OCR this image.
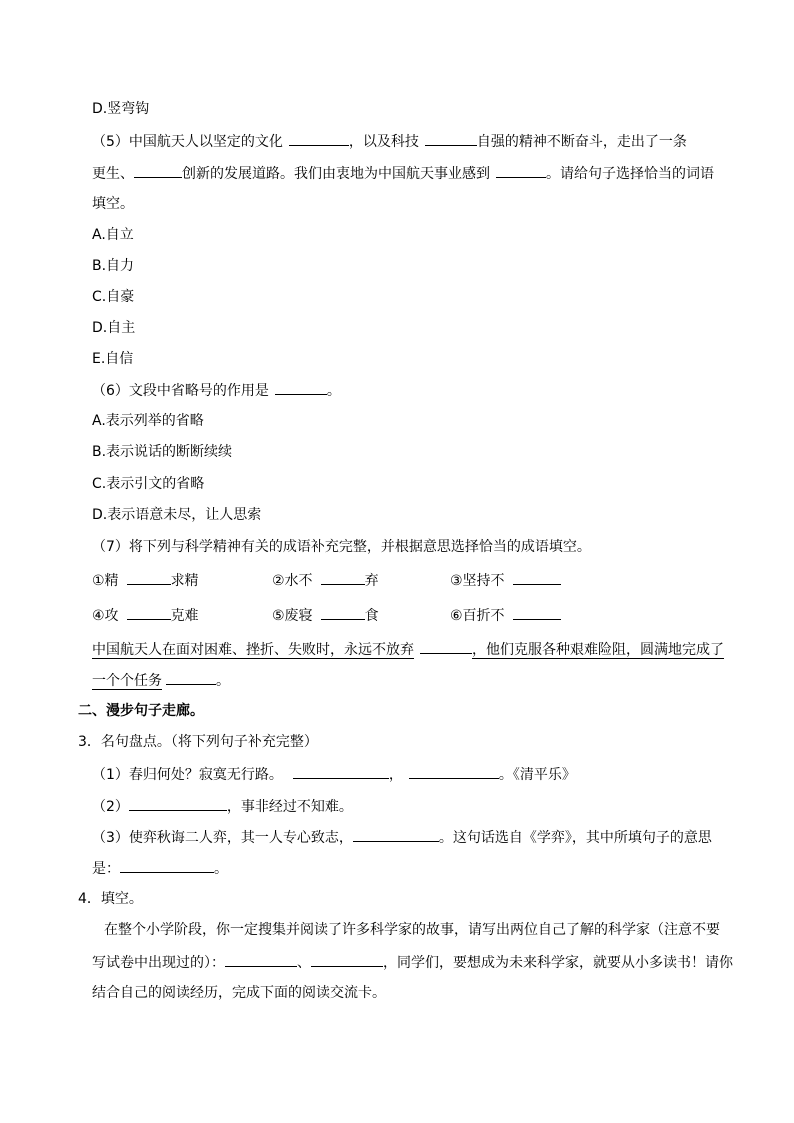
D.竖弯钩
（5）中国航天人以坚定的文化	，以及科技	自强的精神不断奋斗，走出了一条
更生、	创新的发展道路。我们由衷地为中国航天事业感到	。请给句子选择恰当的词语
填空。
A.自立
B.自力
C.自豪
D.自主
E.自信
（6）文段中省略号的作用是	。
A.表示列举的省略
B.表示说话的断断续续
C.表示引文的省略
D.表示语意未尽，让人思索
（7）将下列与科学精神有关的成语补充完整，并根据意思选择恰当的成语填空。
①精	求精	②水不	弃	③坚持不
④攻	克难	⑤废寝	食	⑥百折不
中国航天人在面对困难、挫折、失败时，永远不放弃	，他们克服各种艰难险阻，圆满地完成了
一个个任务	。
二、漫步句子走廊。
3．名句盘点。（将下列句子补充完整）
（1）春归何处？寂寞无行路。	，	。《清平乐》
（2）	，事非经过不知难。
（3）使弈秋诲二人弈，其一人专心致志，	。这句话选自《学弈》，其中所填句子的意思
是：	。
4．填空。
在整个小学阶段，你一定搜集并阅读了许多科学家的故事，请写出两位自己了解的科学家（注意不要
写试卷中出现过的）：	、	，同学们，要想成为未来科学家，就要从小多读书！请你
结合自己的阅读经历，完成下面的阅读交流卡。
